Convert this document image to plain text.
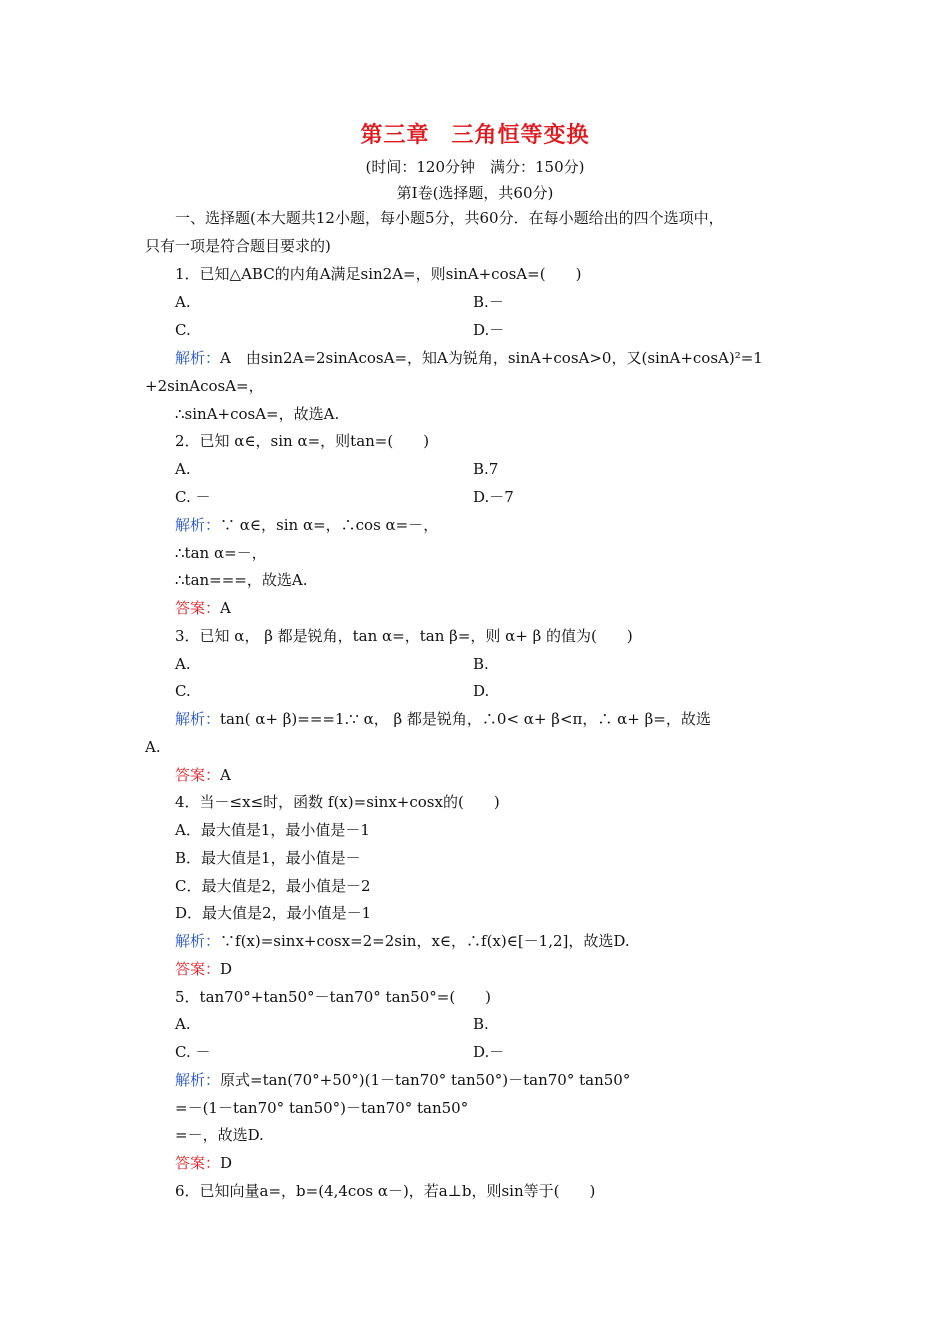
第三章 三角恒等变换
(时间：120分钟　满分：150分)
第Ⅰ卷(选择题，共60分)
一、选择题(本大题共12小题，每小题5分，共60分．在每小题给出的四个选项中，
只有一项是符合题目要求的)
1．已知△ABC的内角A满足sin2A=，则sinA+cosA=(　　)
A.	B.－
C.	D.－
解析：A　由sin2A=2sinAcosA=，知A为锐角，sinA+cosA>0，又(sinA+cosA)²=1
+2sinAcosA=，
∴sinA+cosA=，故选A.
2．已知 α∈，sin α=，则tan=(　　)
A.	B.7
C. －	D.－7
解析：∵ α∈，sin α=，∴cos α=－，
∴tan α=－，
∴tan===，故选A.
答案：A
3．已知 α， β 都是锐角，tan α=，tan β=，则 α+ β 的值为(　　)
A.	B.
C.	D.
解析：tan( α+ β)===1.∵ α， β 都是锐角，∴0< α+ β<π，∴ α+ β=，故选
A.
答案：A
4．当－≤x≤时，函数 f(x)=sinx+cosx的(　　)
A．最大值是1，最小值是－1
B．最大值是1，最小值是－
C．最大值是2，最小值是－2
D．最大值是2，最小值是－1
解析：∵f(x)=sinx+cosx=2=2sin，x∈，∴f(x)∈[－1,2]，故选D.
答案：D
5．tan70°+tan50°－tan70° tan50°=(　　)
A.	B.
C. －	D.－
解析：原式=tan(70°+50°)(1－tan70° tan50°)－tan70° tan50°
=－(1－tan70° tan50°)－tan70° tan50°
=－，故选D.
答案：D
6．已知向量a=，b=(4,4cos α－)，若a⊥b，则sin等于(　　)
